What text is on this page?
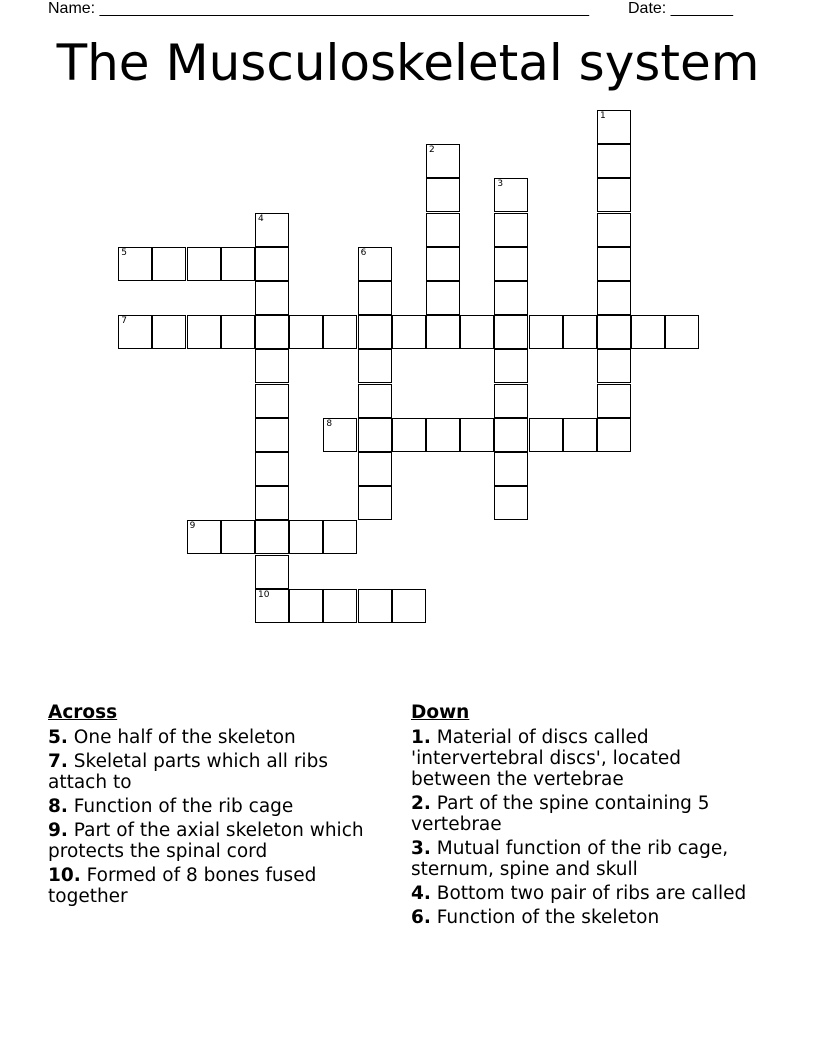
Name: _______________________________________________________ Date: _______
The Musculoskeletal system
1
2
3
4
10
5	6
7
8
9
Across
5. One half of the skeleton
7. Skeletal parts which all ribs attach to
8. Function of the rib cage
9. Part of the axial skeleton which protects the spinal cord
10. Formed of 8 bones fused together
Down
1. Material of discs called 'intervertebral discs', located between the vertebrae
2. Part of the spine containing 5 vertebrae
3. Mutual function of the rib cage, sternum, spine and skull
4. Bottom two pair of ribs are called
6. Function of the skeleton
